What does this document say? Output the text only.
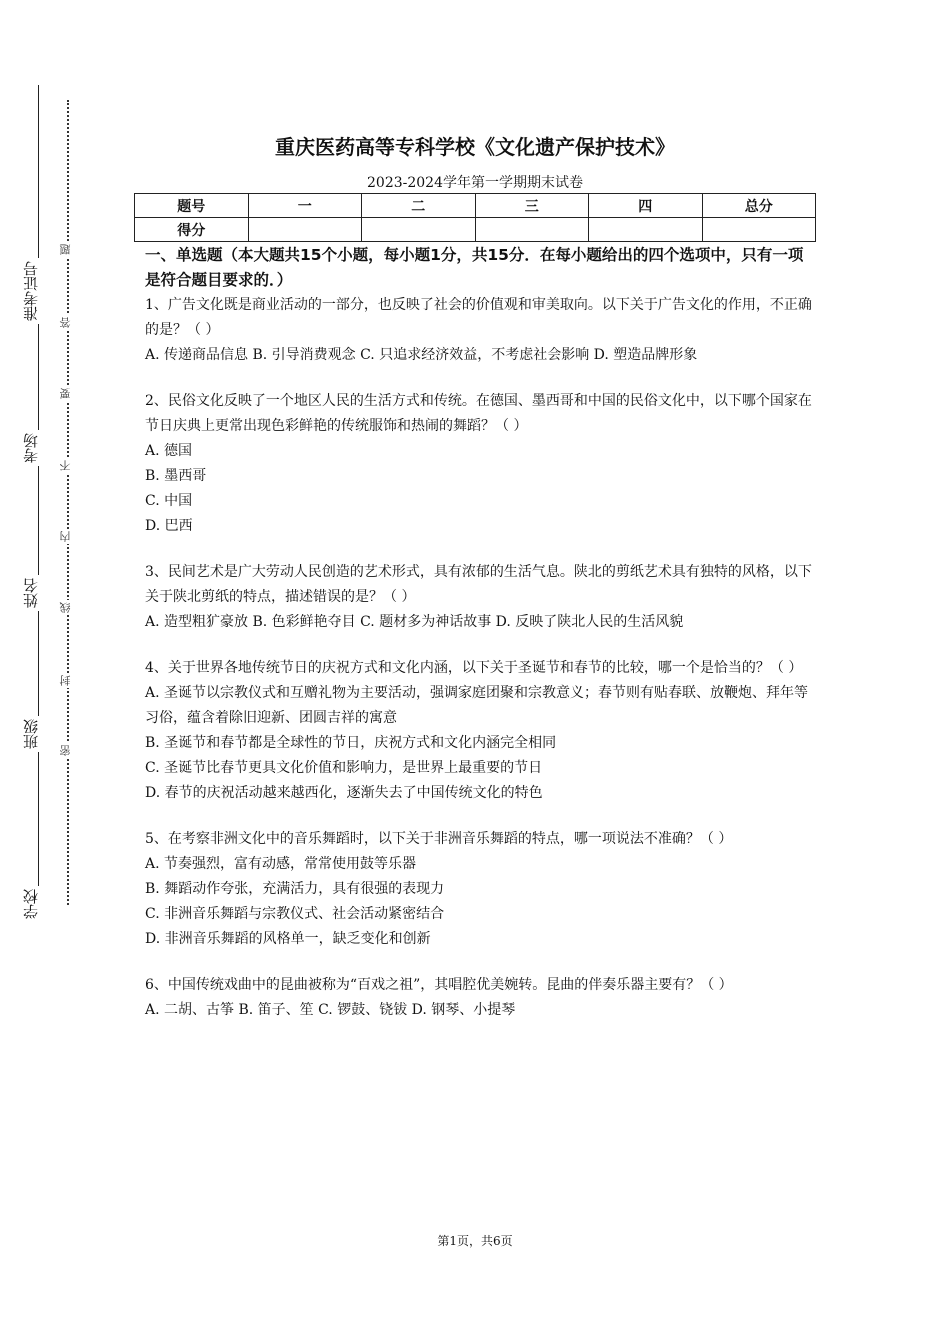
准考证号
考场
姓名
班级
学校
题
答
要
不
内
线
封
密
重庆医药高等专科学校《文化遗产保护技术》
2023-2024学年第一学期期末试卷
题号	一	二	三	四	总分
得分					

一、单选题（本大题共15个小题，每小题1分，共15分．在每小题给出的四个选项中，只有一项是符合题目要求的．）

1、广告文化既是商业活动的一部分，也反映了社会的价值观和审美取向。以下关于广告文化的作用，不正确的是？（ ）

A. 传递商品信息 B. 引导消费观念 C. 只追求经济效益，不考虑社会影响 D. 塑造品牌形象

2、民俗文化反映了一个地区人民的生活方式和传统。在德国、墨西哥和中国的民俗文化中，以下哪个国家在节日庆典上更常出现色彩鲜艳的传统服饰和热闹的舞蹈？（ ）

A. 德国

B. 墨西哥

C. 中国

D. 巴西

3、民间艺术是广大劳动人民创造的艺术形式，具有浓郁的生活气息。陕北的剪纸艺术具有独特的风格，以下关于陕北剪纸的特点，描述错误的是？（ ）

A. 造型粗犷豪放 B. 色彩鲜艳夺目 C. 题材多为神话故事 D. 反映了陕北人民的生活风貌

4、关于世界各地传统节日的庆祝方式和文化内涵，以下关于圣诞节和春节的比较，哪一个是恰当的？（ ）

A. 圣诞节以宗教仪式和互赠礼物为主要活动，强调家庭团聚和宗教意义；春节则有贴春联、放鞭炮、拜年等习俗，蕴含着除旧迎新、团圆吉祥的寓意

B. 圣诞节和春节都是全球性的节日，庆祝方式和文化内涵完全相同

C. 圣诞节比春节更具文化价值和影响力，是世界上最重要的节日

D. 春节的庆祝活动越来越西化，逐渐失去了中国传统文化的特色

5、在考察非洲文化中的音乐舞蹈时，以下关于非洲音乐舞蹈的特点，哪一项说法不准确？（ ）

A. 节奏强烈，富有动感，常常使用鼓等乐器

B. 舞蹈动作夸张，充满活力，具有很强的表现力

C. 非洲音乐舞蹈与宗教仪式、社会活动紧密结合

D. 非洲音乐舞蹈的风格单一，缺乏变化和创新

6、中国传统戏曲中的昆曲被称为“百戏之祖”，其唱腔优美婉转。昆曲的伴奏乐器主要有？（ ）

A. 二胡、古筝 B. 笛子、笙 C. 锣鼓、铙钹 D. 钢琴、小提琴

第1页，共6页
